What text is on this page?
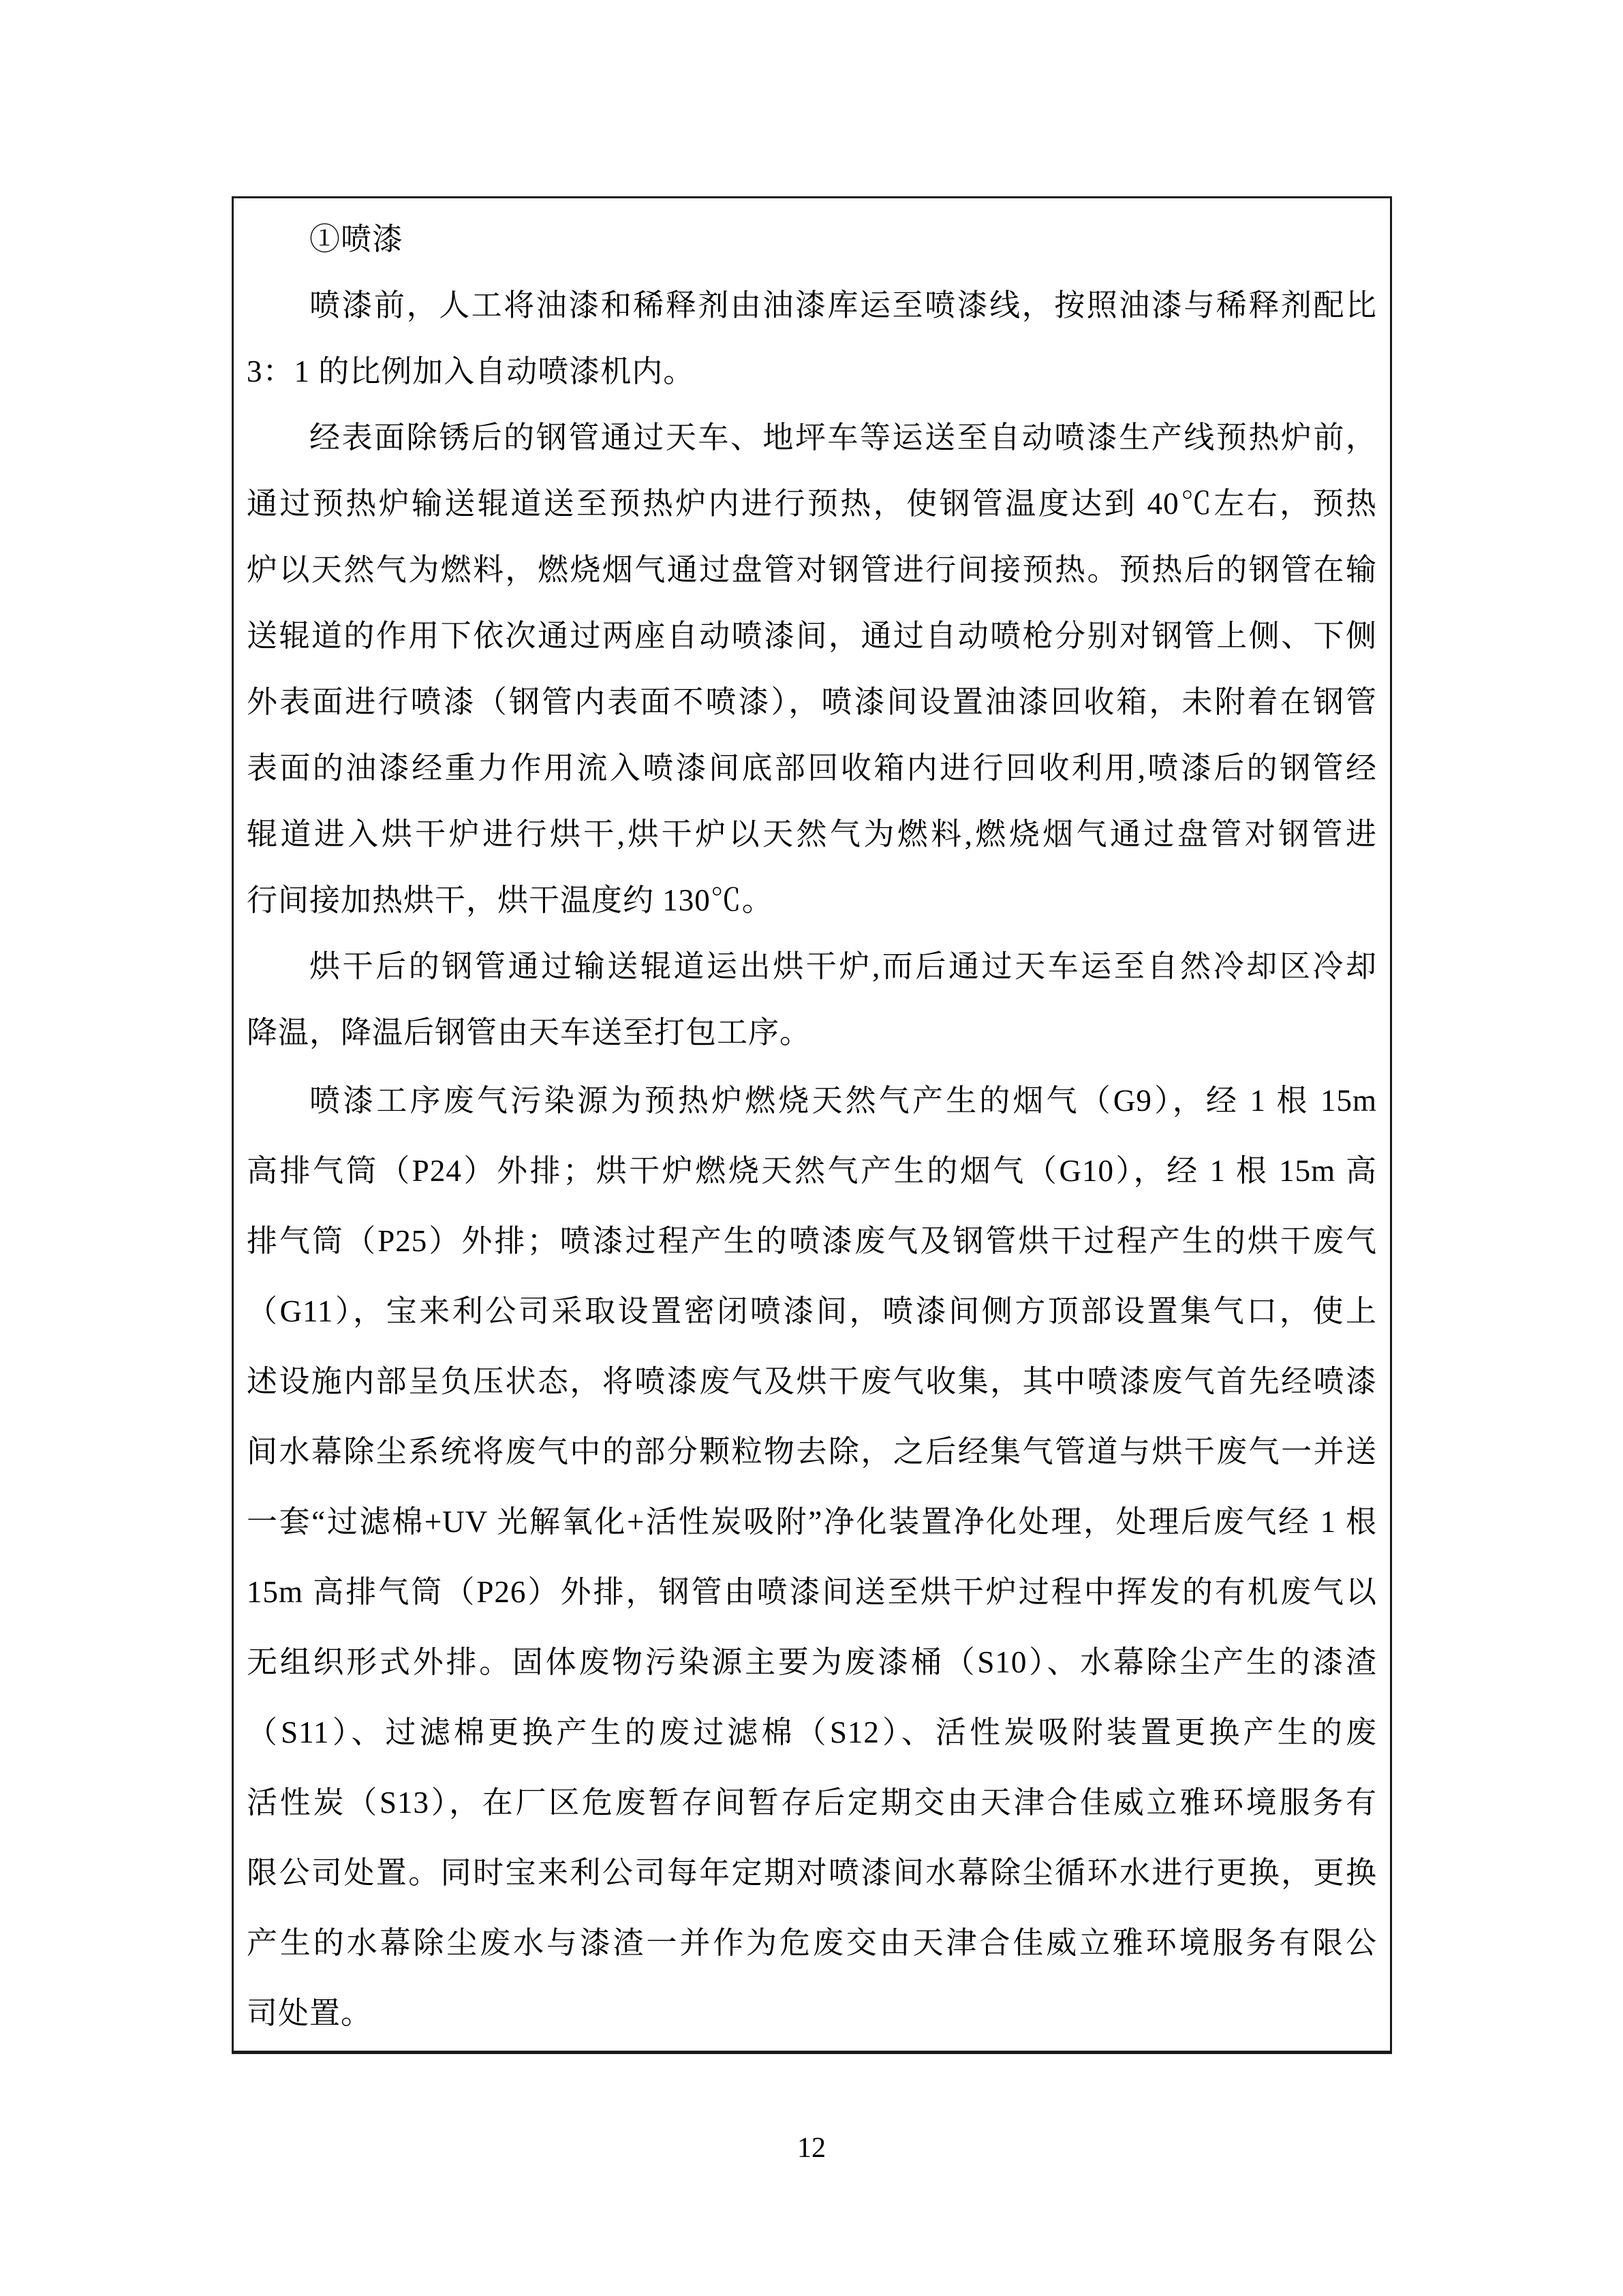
①喷漆
喷漆前，人工将油漆和稀释剂由油漆库运至喷漆线，按照油漆与稀释剂配比
3：1 的比例加入自动喷漆机内。
经表面除锈后的钢管通过天车、地坪车等运送至自动喷漆生产线预热炉前，
通过预热炉输送辊道送至预热炉内进行预热，使钢管温度达到 40℃左右，预热
炉以天然气为燃料，燃烧烟气通过盘管对钢管进行间接预热。预热后的钢管在输
送辊道的作用下依次通过两座自动喷漆间，通过自动喷枪分别对钢管上侧、下侧
外表面进行喷漆（钢管内表面不喷漆），喷漆间设置油漆回收箱，未附着在钢管
表面的油漆经重力作用流入喷漆间底部回收箱内进行回收利用,喷漆后的钢管经
辊道进入烘干炉进行烘干,烘干炉以天然气为燃料,燃烧烟气通过盘管对钢管进
行间接加热烘干，烘干温度约 130℃。
烘干后的钢管通过输送辊道运出烘干炉,而后通过天车运至自然冷却区冷却
降温，降温后钢管由天车送至打包工序。
喷漆工序废气污染源为预热炉燃烧天然气产生的烟气（G9），经 1 根 15m
高排气筒（P24）外排；烘干炉燃烧天然气产生的烟气（G10），经 1 根 15m 高
排气筒（P25）外排；喷漆过程产生的喷漆废气及钢管烘干过程产生的烘干废气
（G11），宝来利公司采取设置密闭喷漆间，喷漆间侧方顶部设置集气口，使上
述设施内部呈负压状态，将喷漆废气及烘干废气收集，其中喷漆废气首先经喷漆
间水幕除尘系统将废气中的部分颗粒物去除，之后经集气管道与烘干废气一并送
一套“过滤棉+UV 光解氧化+活性炭吸附”净化装置净化处理，处理后废气经 1 根
15m 高排气筒（P26）外排，钢管由喷漆间送至烘干炉过程中挥发的有机废气以
无组织形式外排。固体废物污染源主要为废漆桶（S10）、水幕除尘产生的漆渣
（S11）、过滤棉更换产生的废过滤棉（S12）、活性炭吸附装置更换产生的废
活性炭（S13），在厂区危废暂存间暂存后定期交由天津合佳威立雅环境服务有
限公司处置。同时宝来利公司每年定期对喷漆间水幕除尘循环水进行更换，更换
产生的水幕除尘废水与漆渣一并作为危废交由天津合佳威立雅环境服务有限公
司处置。
12
